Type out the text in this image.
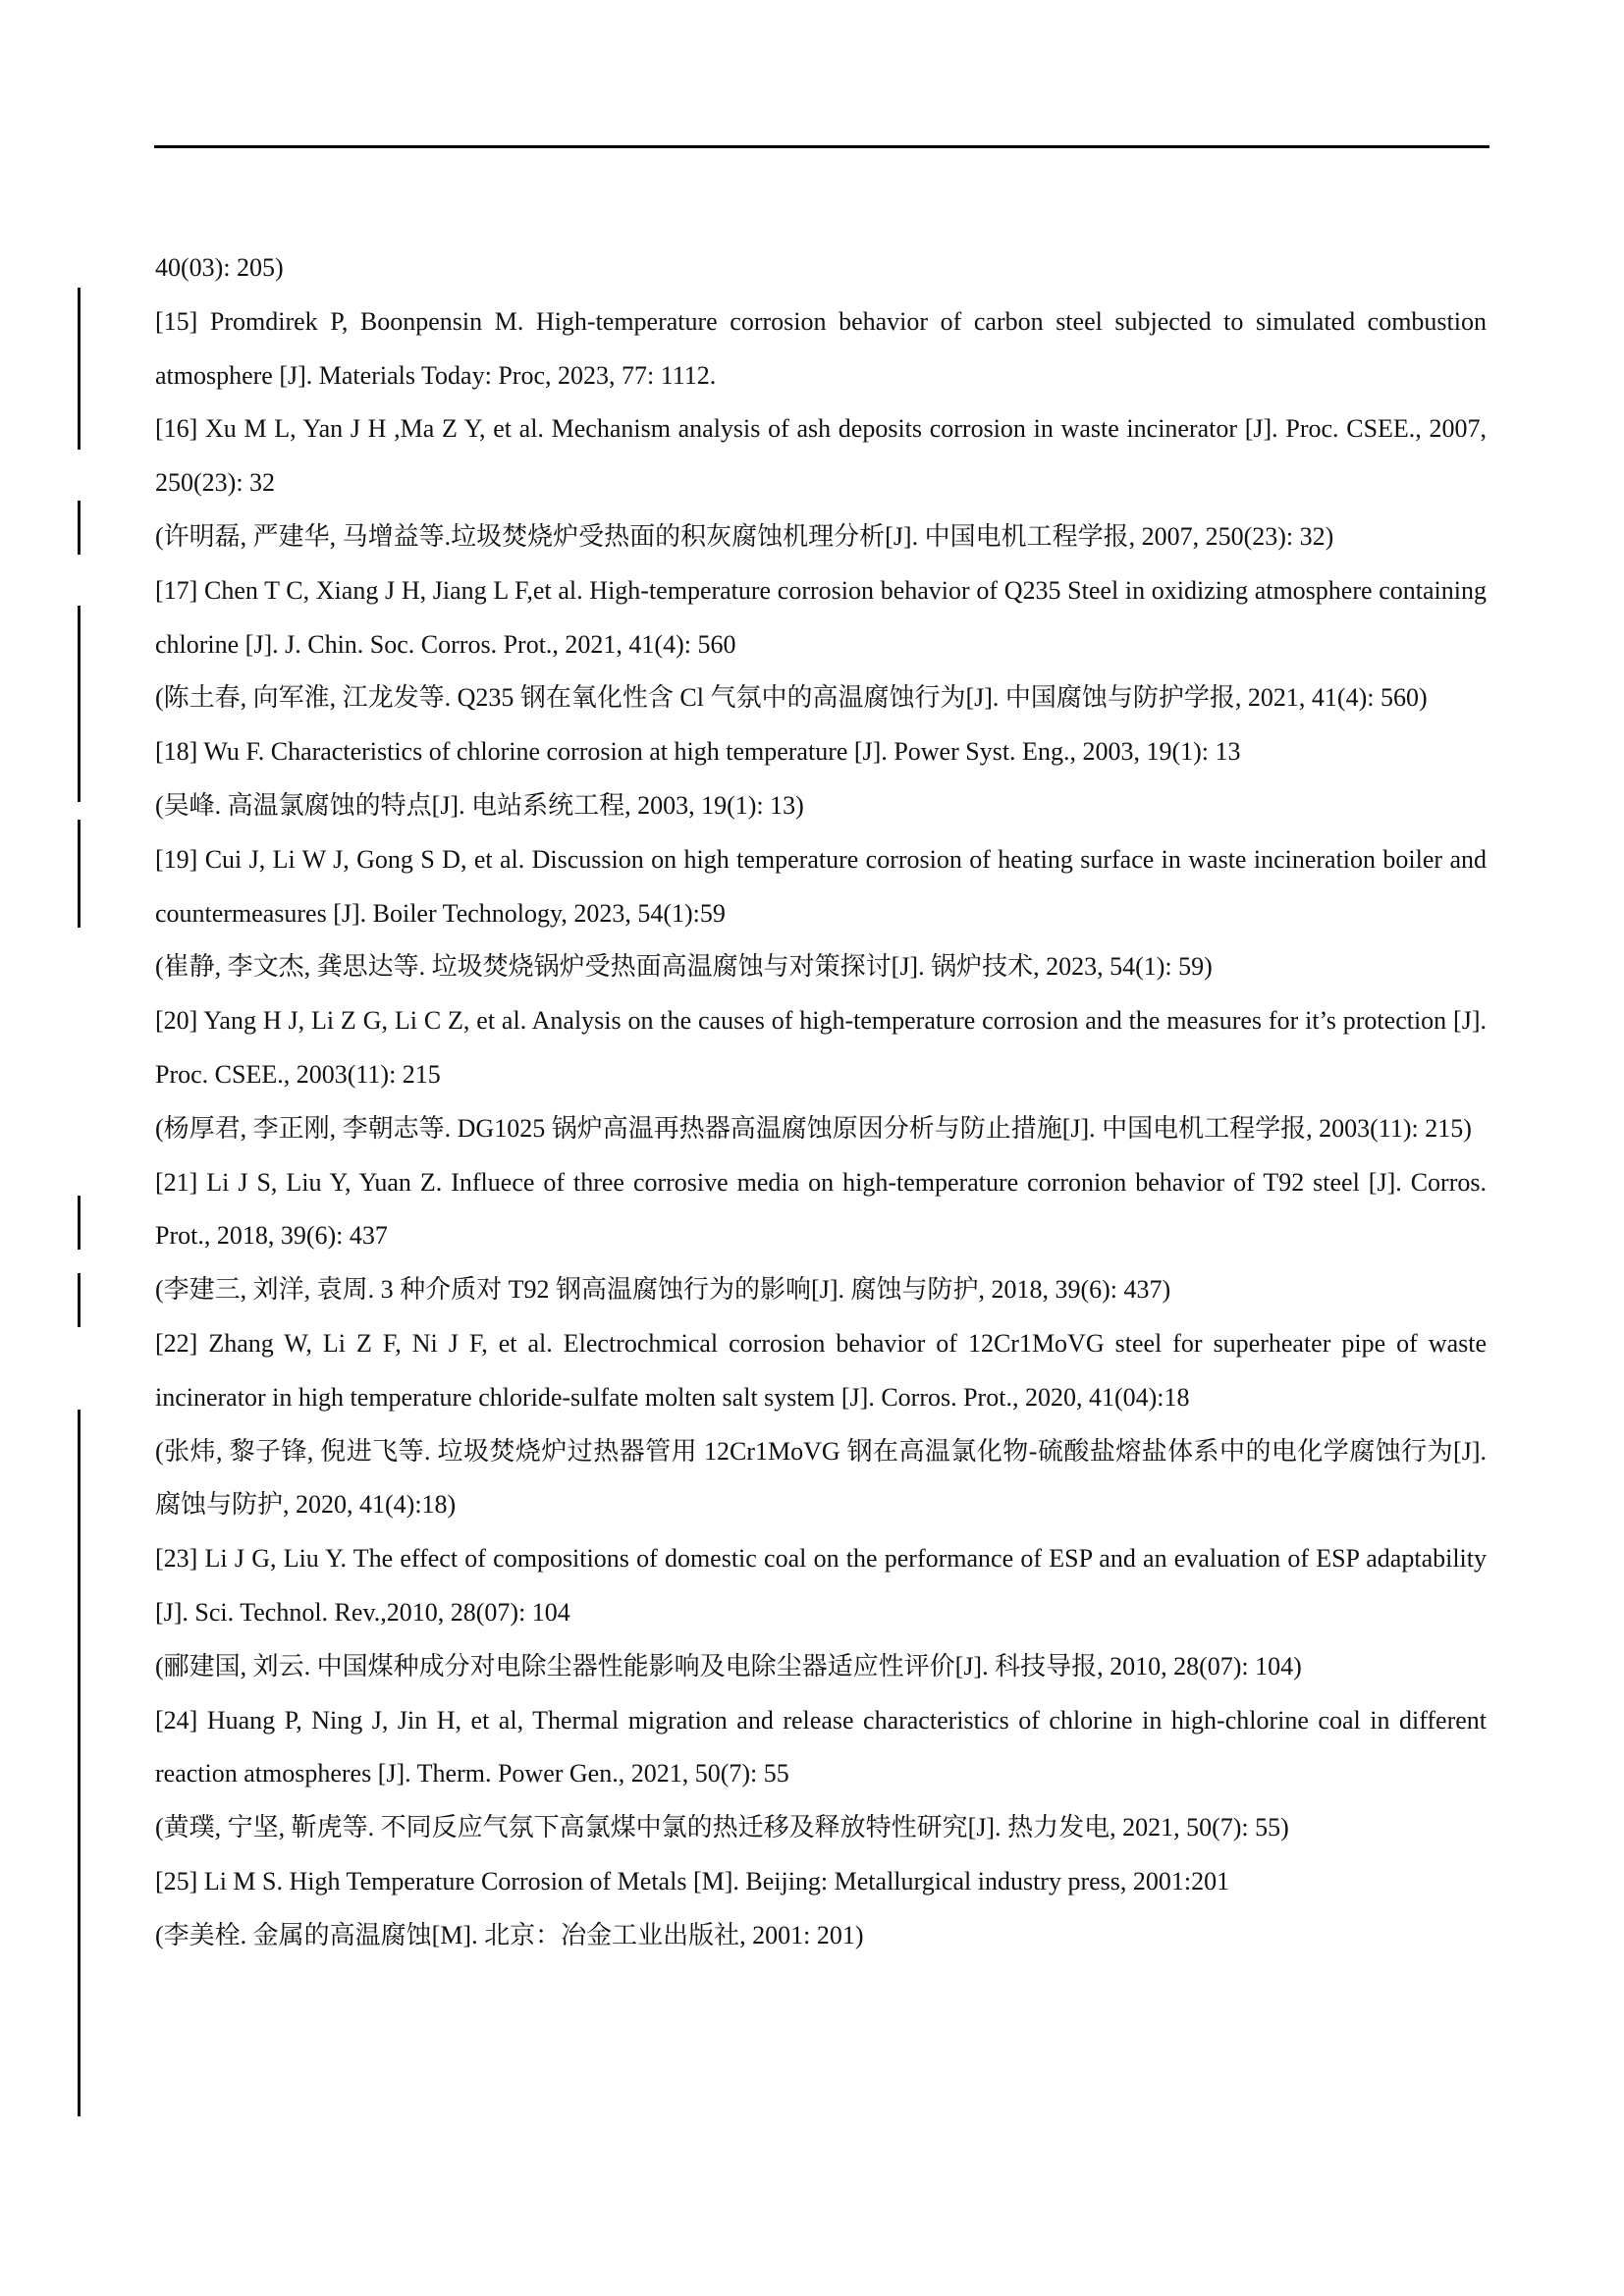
40(03): 205)

[15] Promdirek P, Boonpensin M. High-temperature corrosion behavior of carbon steel subjected to simulated combustion atmosphere [J]. Materials Today: Proc, 2023, 77: 1112.

[16] Xu M L, Yan J H ,Ma Z Y, et al. Mechanism analysis of ash deposits corrosion in waste incinerator [J]. Proc. CSEE., 2007, 250(23): 32

(许明磊, 严建华, 马增益等.垃圾焚烧炉受热面的积灰腐蚀机理分析[J]. 中国电机工程学报, 2007, 250(23): 32)

[17] Chen T C, Xiang J H, Jiang L F,et al. High-temperature corrosion behavior of Q235 Steel in oxidizing atmosphere containing chlorine [J]. J. Chin. Soc. Corros. Prot., 2021, 41(4): 560

(陈土春, 向军淮, 江龙发等. Q235 钢在氧化性含 Cl 气氛中的高温腐蚀行为[J]. 中国腐蚀与防护学报, 2021, 41(4): 560)

[18] Wu F. Characteristics of chlorine corrosion at high temperature [J]. Power Syst. Eng., 2003, 19(1): 13

(吴峰. 高温氯腐蚀的特点[J]. 电站系统工程, 2003, 19(1): 13)

[19] Cui J, Li W J, Gong S D, et al. Discussion on high temperature corrosion of heating surface in waste incineration boiler and countermeasures [J]. Boiler Technology, 2023, 54(1):59

(崔静, 李文杰, 龚思达等. 垃圾焚烧锅炉受热面高温腐蚀与对策探讨[J]. 锅炉技术, 2023, 54(1): 59)

[20] Yang H J, Li Z G, Li C Z, et al. Analysis on the causes of high-temperature corrosion and the measures for it’s protection [J]. Proc. CSEE., 2003(11): 215

(杨厚君, 李正刚, 李朝志等. DG1025 锅炉高温再热器高温腐蚀原因分析与防止措施[J]. 中国电机工程学报, 2003(11): 215)

[21] Li J S, Liu Y, Yuan Z. Influece of three corrosive media on high-temperature corronion behavior of T92 steel [J]. Corros. Prot., 2018, 39(6): 437

(李建三, 刘洋, 袁周. 3 种介质对 T92 钢高温腐蚀行为的影响[J]. 腐蚀与防护, 2018, 39(6): 437)

[22] Zhang W, Li Z F, Ni J F, et al. Electrochmical corrosion behavior of 12Cr1MoVG steel for superheater pipe of waste incinerator in high temperature chloride-sulfate molten salt system [J]. Corros. Prot., 2020, 41(04):18

(张炜, 黎子锋, 倪进飞等. 垃圾焚烧炉过热器管用 12Cr1MoVG 钢在高温氯化物-硫酸盐熔盐体系中的电化学腐蚀行为[J]. 腐蚀与防护, 2020, 41(4):18)

[23] Li J G, Liu Y. The effect of compositions of domestic coal on the performance of ESP and an evaluation of ESP adaptability [J]. Sci. Technol. Rev.,2010, 28(07): 104

(郦建国, 刘云. 中国煤种成分对电除尘器性能影响及电除尘器适应性评价[J]. 科技导报, 2010, 28(07): 104)

[24] Huang P, Ning J, Jin H, et al, Thermal migration and release characteristics of chlorine in high-chlorine coal in different reaction atmospheres [J]. Therm. Power Gen., 2021, 50(7): 55

(黄璞, 宁坚, 靳虎等. 不同反应气氛下高氯煤中氯的热迁移及释放特性研究[J]. 热力发电, 2021, 50(7): 55)

[25] Li M S. High Temperature Corrosion of Metals [M]. Beijing: Metallurgical industry press, 2001:201

(李美栓. 金属的高温腐蚀[M]. 北京：冶金工业出版社, 2001: 201)
